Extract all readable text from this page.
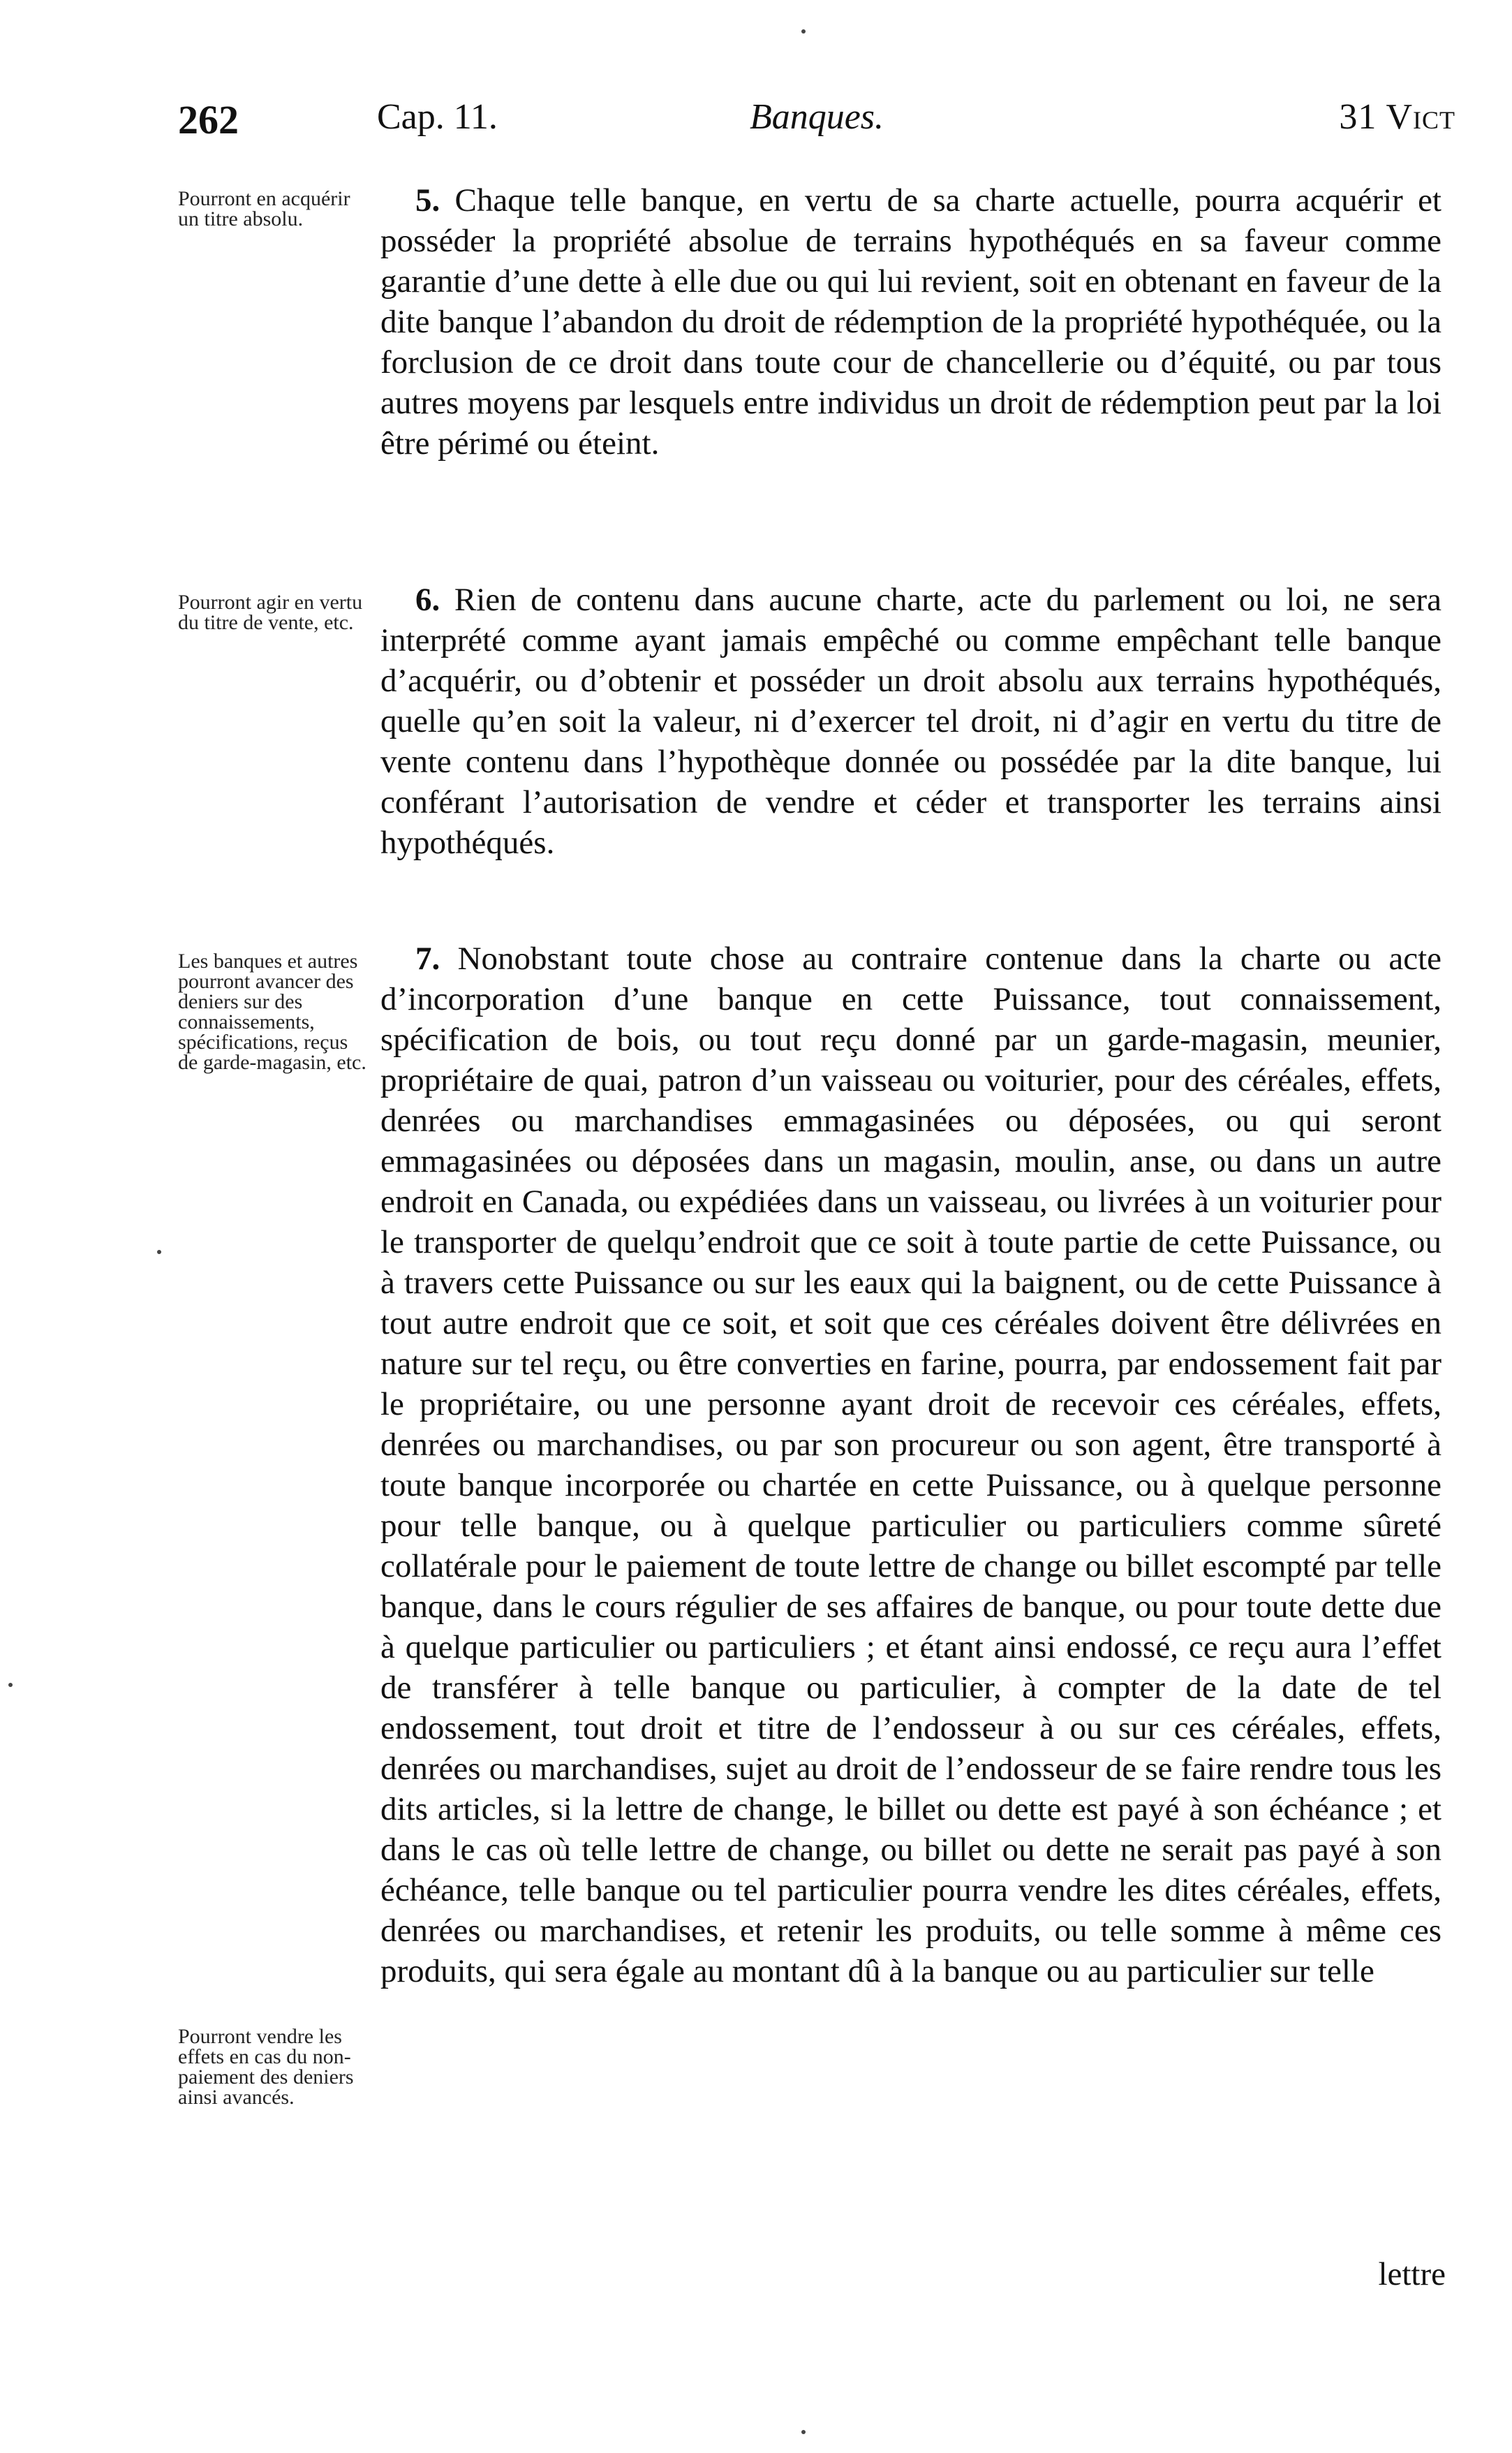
Banques.
262	Cap. 11.	31 Vict
Pourront en acquérir un titre absolu.
Pourront agir en vertu du titre de vente, etc.
Les banques et autres pourront avancer des deniers sur des connaissements, spécifications, reçus de garde-magasin, etc.
Pourront vendre les effets en cas du non-paiement des deniers ainsi avancés.

5. Chaque telle banque, en vertu de sa charte actuelle, pourra acquérir et posséder la propriété absolue de terrains hypothéqués en sa faveur comme garantie d’une dette à elle due ou qui lui revient, soit en obtenant en faveur de la dite banque l’abandon du droit de rédemption de la propriété hypothéquée, ou la forclusion de ce droit dans toute cour de chancellerie ou d’équité, ou par tous autres moyens par lesquels entre individus un droit de rédemption peut par la loi être périmé ou éteint.

6. Rien de contenu dans aucune charte, acte du parlement ou loi, ne sera interprété comme ayant jamais empêché ou comme empêchant telle banque d’acquérir, ou d’obtenir et posséder un droit absolu aux terrains hypothéqués, quelle qu’en soit la valeur, ni d’exercer tel droit, ni d’agir en vertu du titre de vente contenu dans l’hypothèque donnée ou possédée par la dite banque, lui conférant l’autorisation de vendre et céder et transporter les terrains ainsi hypothéqués.

7. Nonobstant toute chose au contraire contenue dans la charte ou acte d’incorporation d’une banque en cette Puissance, tout connaissement, spécification de bois, ou tout reçu donné par un garde-magasin, meunier, propriétaire de quai, patron d’un vaisseau ou voiturier, pour des céréales, effets, denrées ou marchandises emmagasinées ou déposées, ou qui seront emmagasinées ou déposées dans un magasin, moulin, anse, ou dans un autre endroit en Canada, ou expédiées dans un vaisseau, ou livrées à un voiturier pour le transporter de quelqu’endroit que ce soit à toute partie de cette Puissance, ou à travers cette Puissance ou sur les eaux qui la baignent, ou de cette Puissance à tout autre endroit que ce soit, et soit que ces céréales doivent être délivrées en nature sur tel reçu, ou être converties en farine, pourra, par endossement fait par le propriétaire, ou une personne ayant droit de recevoir ces céréales, effets, denrées ou marchandises, ou par son procureur ou son agent, être transporté à toute banque incorporée ou chartée en cette Puissance, ou à quelque personne pour telle banque, ou à quelque particulier ou particuliers comme sûreté collatérale pour le paiement de toute lettre de change ou billet escompté par telle banque, dans le cours régulier de ses affaires de banque, ou pour toute dette due à quelque particulier ou particuliers ; et étant ainsi endossé, ce reçu aura l’effet de transférer à telle banque ou particulier, à compter de la date de tel endossement, tout droit et titre de l’endosseur à ou sur ces céréales, effets, denrées ou marchandises, sujet au droit de l’endosseur de se faire rendre tous les dits articles, si la lettre de change, le billet ou dette est payé à son échéance ; et dans le cas où telle lettre de change, ou billet ou dette ne serait pas payé à son échéance, telle banque ou tel particulier pourra vendre les dites céréales, effets, denrées ou marchandises, et retenir les produits, ou telle somme à même ces produits, qui sera égale au montant dû à la banque ou au particulier sur telle

lettre
